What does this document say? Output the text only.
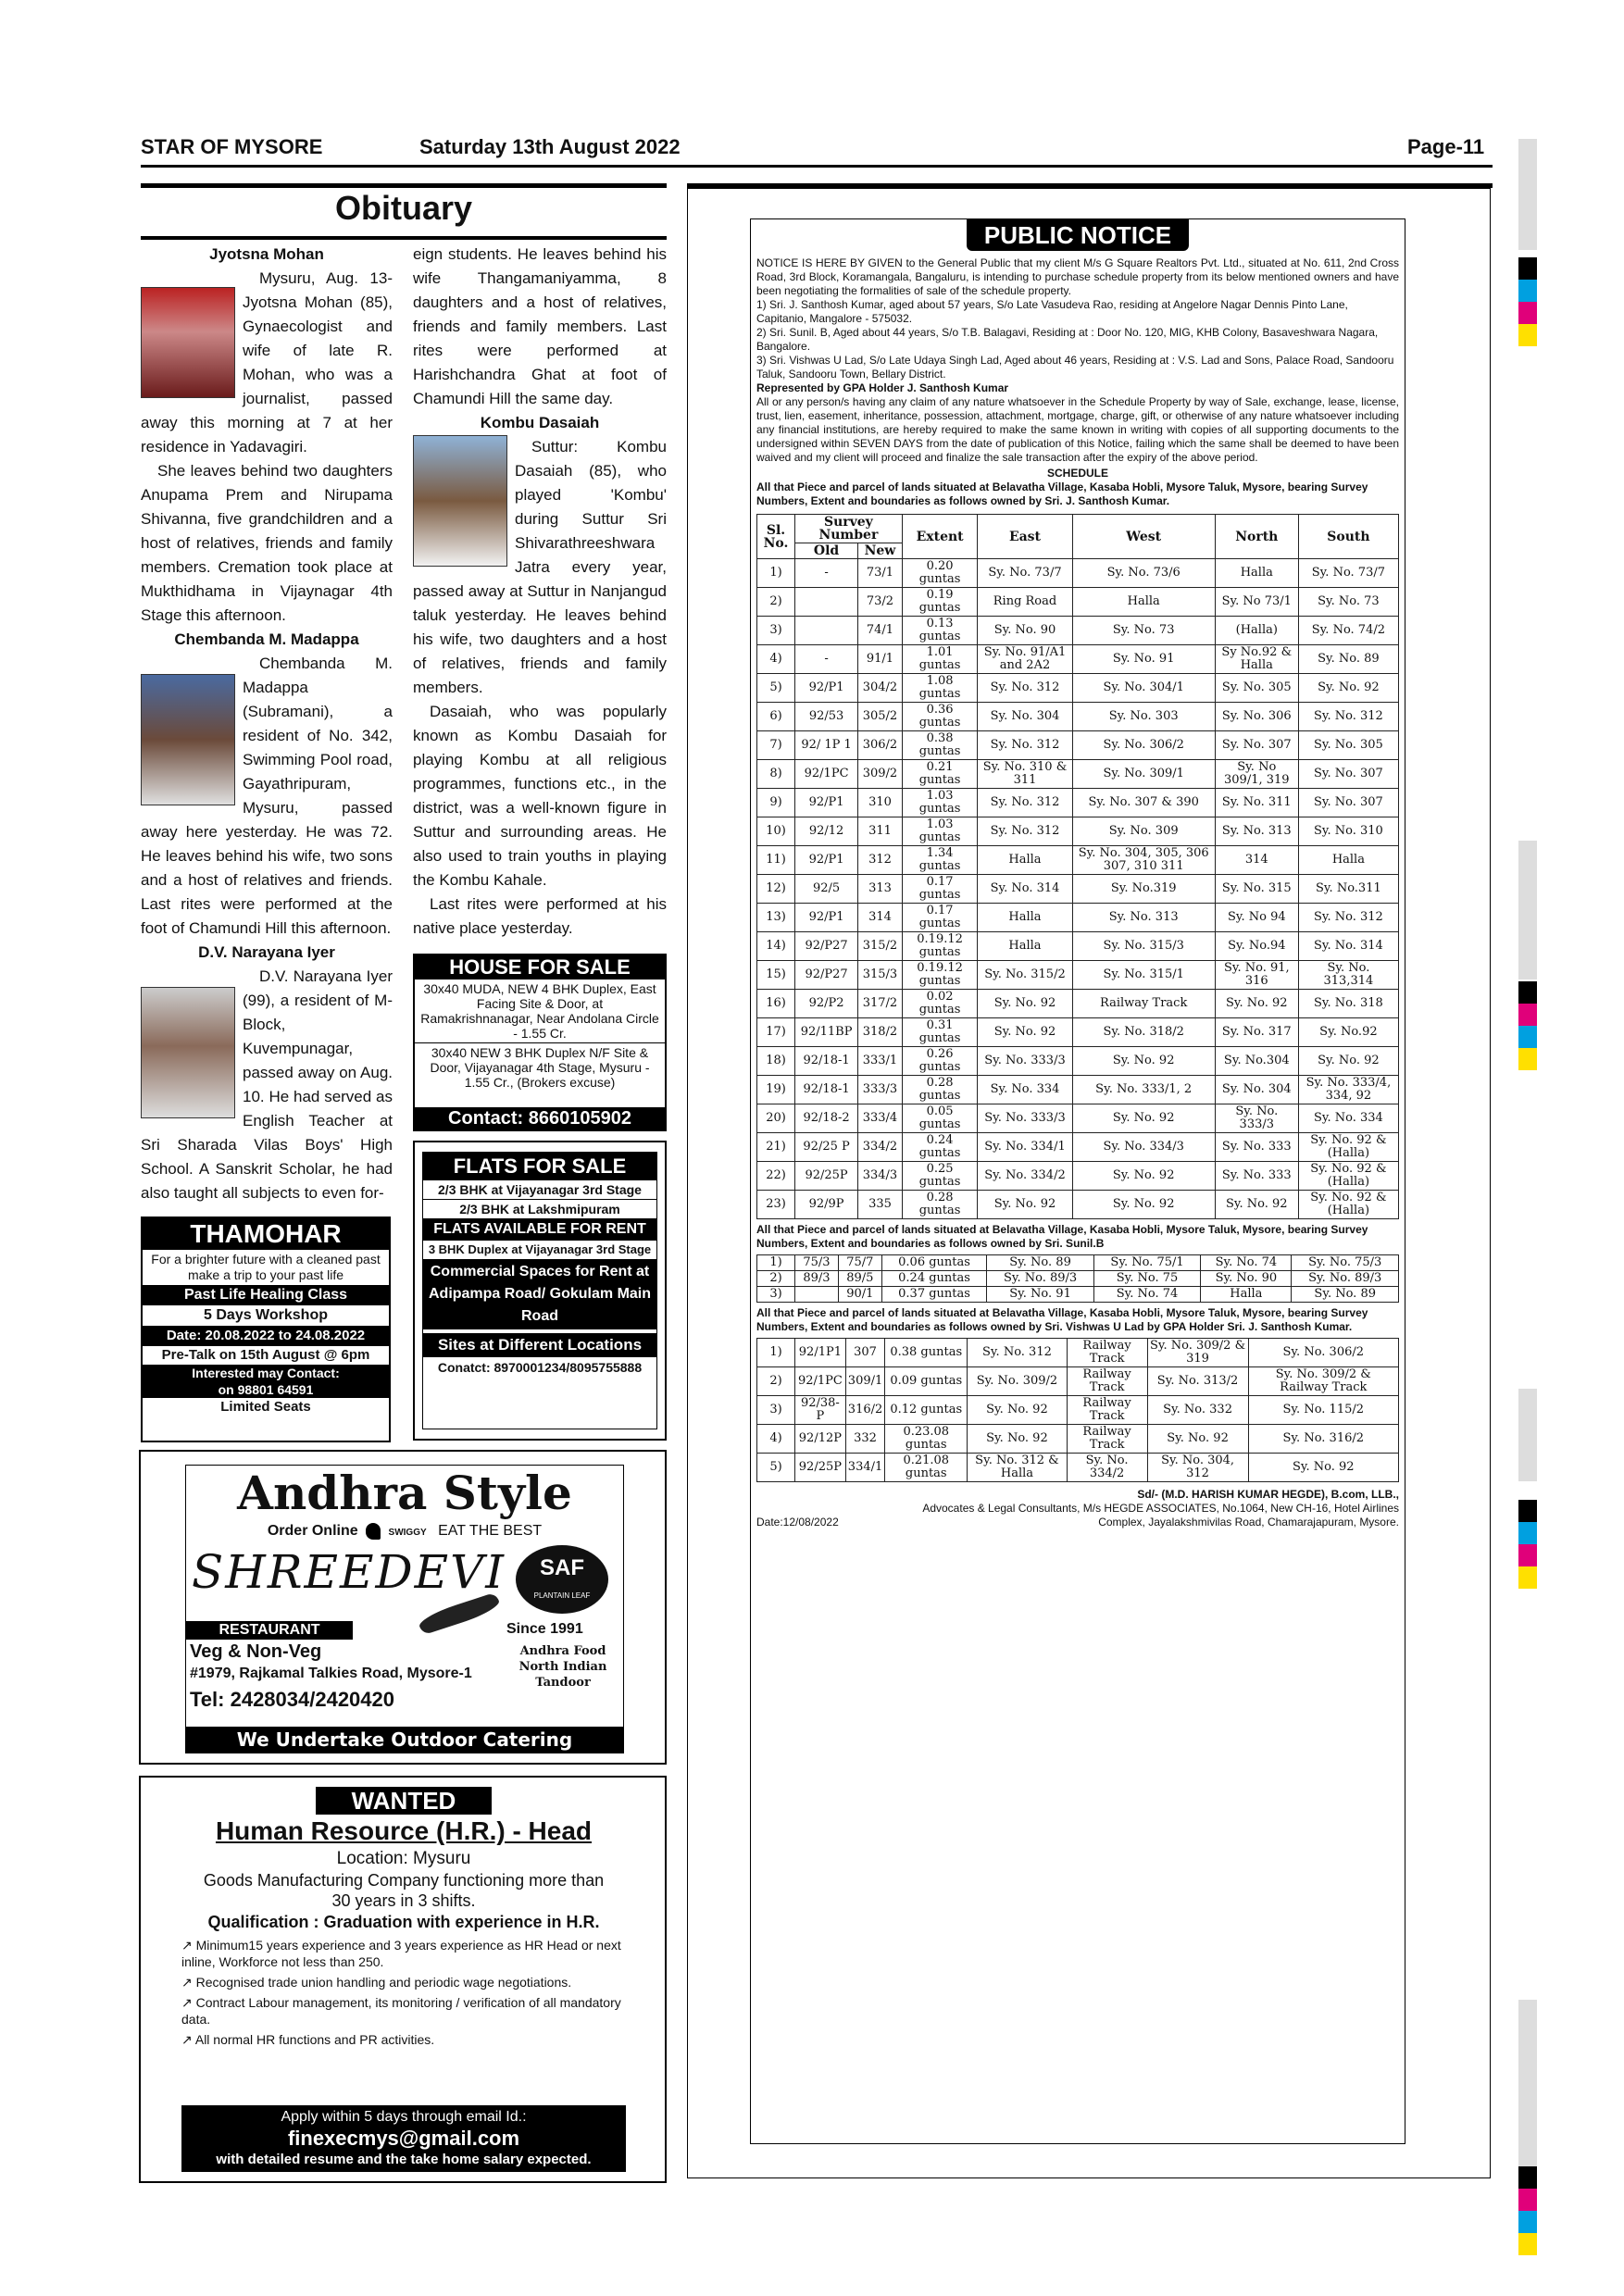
STAR OF MYSORE	Saturday 13th August 2022	Page-11
Obituary

Jyotsna Mohan

Mysuru, Aug. 13- Jyotsna Mohan (85), Gynaecologist and wife of late R. Mohan, who was a journalist, passed away this morning at 7 at her residence in Yadavagiri.

She leaves behind two daughters Anupama Prem and Nirupama Shivanna, five grandchildren and a host of relatives, friends and family members. Cremation took place at Mukthidhama in Vijaynagar 4th Stage this afternoon.

Chembanda M. Madappa

Chembanda M. Madappa (Subramani), a resident of No. 342, Swimming Pool road, Gayathripuram, Mysuru, passed away here yesterday. He was 72. He leaves behind his wife, two sons and a host of relatives and friends. Last rites were performed at the foot of Chamundi Hill this afternoon.

D.V. Narayana Iyer

D.V. Narayana Iyer (99), a resident of M-Block, Kuvempunagar, passed away on Aug. 10. He had served as English Teacher at Sri Sharada Vilas Boys' High School. A Sanskrit Scholar, he had also taught all subjects to even for-

eign students. He leaves behind his wife Thangamaniyamma, 8 daughters and a host of relatives, friends and family members. Last rites were performed at Harishchandra Ghat at foot of Chamundi Hill the same day.

Kombu Dasaiah

Suttur: Kombu Dasaiah (85), who played 'Kombu' during Suttur Sri Shivarathreeshwara Jatra every year, passed away at Suttur in Nanjangud taluk yesterday. He leaves behind his wife, two daughters and a host of relatives, friends and family members.

Dasaiah, who was popularly known as Kombu Dasaiah for playing Kombu at all religious programmes, functions etc., in the district, was a well-known figure in Suttur and surrounding areas. He also used to train youths in playing the Kombu Kahale.

Last rites were performed at his native place yesterday.

THAMOHAR
For a brighter future with a cleaned past make a trip to your past life
Past Life Healing Class
5 Days Workshop
Date: 20.08.2022 to 24.08.2022
Pre-Talk on 15th August @ 6pm
Interested may Contact:
on 98801 64591
Limited Seats
HOUSE FOR SALE
30x40 MUDA, NEW 4 BHK Duplex, East Facing Site & Door, at Ramakrishnanagar, Near Andolana Circle - 1.55 Cr.
30x40 NEW 3 BHK Duplex N/F Site & Door, Vijayanagar 4th Stage, Mysuru - 1.55 Cr., (Brokers excuse)
Contact: 8660105902
FLATS FOR SALE
2/3 BHK at Vijayanagar 3rd Stage
2/3 BHK at Lakshmipuram
FLATS AVAILABLE FOR RENT
3 BHK Duplex at Vijayanagar 3rd Stage
Commercial Spaces for Rent at Adipampa Road/ Gokulam Main Road
Sites at Different Locations
Conatct: 8970001234/8095755888
Andhra Style
Order Online	SWIGGY EAT THE BEST
SHREEDEVI	SAF
PLANTAIN LEAF
RESTAURANT	Since 1991
Veg & Non-Veg
#1979, Rajkamal Talkies Road, Mysore-1
Andhra Food North Indian Tandoor
Tel: 2428034/2420420
We Undertake Outdoor Catering
WANTED
Human Resource (H.R.) - Head
Location: Mysuru
Goods Manufacturing Company functioning more than 30 years in 3 shifts.
Qualification : Graduation with experience in H.R.
↗ Minimum15 years experience and 3 years experience as HR Head or next inline, Workforce not less than 250.
↗ Recognised trade union handling and periodic wage negotiations.
↗ Contract Labour management, its monitoring / verification of all mandatory data.
↗ All normal HR functions and PR activities.
Apply within 5 days through email Id.:
finexecmys@gmail.com
with detailed resume and the take home salary expected.
PUBLIC NOTICE
NOTICE IS HERE BY GIVEN to the General Public that my client M/s G Square Realtors Pvt. Ltd., situated at No. 611, 2nd Cross Road, 3rd Block, Koramangala, Bangaluru, is intending to purchase schedule property from its below mentioned owners and have been negotiating the formalities of sale of the schedule property.
1) Sri. J. Santhosh Kumar, aged about 57 years, S/o Late Vasudeva Rao, residing at Angelore Nagar Dennis Pinto Lane, Capitanio, Mangalore - 575032.
2) Sri. Sunil. B, Aged about 44 years, S/o T.B. Balagavi, Residing at : Door No. 120, MIG, KHB Colony, Basaveshwara Nagara, Bangalore.
3) Sri. Vishwas U Lad, S/o Late Udaya Singh Lad, Aged about 46 years, Residing at : V.S. Lad and Sons, Palace Road, Sandooru Taluk, Sandooru Town, Bellary District.
Represented by GPA Holder J. Santhosh Kumar
All or any person/s having any claim of any nature whatsoever in the Schedule Property by way of Sale, exchange, lease, license, trust, lien, easement, inheritance, possession, attachment, mortgage, charge, gift, or otherwise of any nature whatsoever including any financial institutions, are hereby required to make the same known in writing with copies of all supporting documents to the undersigned within SEVEN DAYS from the date of publication of this Notice, failing which the same shall be deemed to have been waived and my client will proceed and finalize the sale transaction after the expiry of the above period.
SCHEDULE
All that Piece and parcel of lands situated at Belavatha Village, Kasaba Hobli, Mysore Taluk, Mysore, bearing Survey Numbers, Extent and boundaries as follows owned by Sri. J. Santhosh Kumar.
Sl. No.	Survey Number		Extent	East	West	North	South
	Old	New					
1)	-	73/1	0.20 guntas	Sy. No. 73/7	Sy. No. 73/6	Halla	Sy. No. 73/7
2)		73/2	0.19 guntas	Ring Road	Halla	Sy. No 73/1	Sy. No. 73
3)		74/1	0.13 guntas	Sy. No. 90	Sy. No. 73	(Halla)	Sy. No. 74/2
4)	-	91/1	1.01 guntas	Sy. No. 91/A1 and 2A2	Sy. No. 91	Sy No.92 & Halla	Sy. No. 89
5)	92/P1	304/2	1.08 guntas	Sy. No. 312	Sy. No. 304/1	Sy. No. 305	Sy. No. 92
6)	92/53	305/2	0.36 guntas	Sy. No. 304	Sy. No. 303	Sy. No. 306	Sy. No. 312
7)	92/ 1P 1	306/2	0.38 guntas	Sy. No. 312	Sy. No. 306/2	Sy. No. 307	Sy. No. 305
8)	92/1PC	309/2	0.21 guntas	Sy. No. 310 & 311	Sy. No. 309/1	Sy. No 309/1, 319	Sy. No. 307
9)	92/P1	310	1.03 guntas	Sy. No. 312	Sy. No. 307 & 390	Sy. No. 311	Sy. No. 307
10)	92/12	311	1.03 guntas	Sy. No. 312	Sy. No. 309	Sy. No. 313	Sy. No. 310
11)	92/P1	312	1.34 guntas	Halla	Sy. No. 304, 305, 306 307, 310 311	314	Halla
12)	92/5	313	0.17 guntas	Sy. No. 314	Sy. No.319	Sy. No. 315	Sy. No.311
13)	92/P1	314	0.17 guntas	Halla	Sy. No. 313	Sy. No 94	Sy. No. 312
14)	92/P27	315/2	0.19.12 guntas	Halla	Sy. No. 315/3	Sy. No.94	Sy. No. 314
15)	92/P27	315/3	0.19.12 guntas	Sy. No. 315/2	Sy. No. 315/1	Sy. No. 91, 316	Sy. No. 313,314
16)	92/P2	317/2	0.02 guntas	Sy. No. 92	Railway Track	Sy. No. 92	Sy. No. 318
17)	92/11BP	318/2	0.31 guntas	Sy. No. 92	Sy. No. 318/2	Sy. No. 317	Sy. No.92
18)	92/18-1	333/1	0.26 guntas	Sy. No. 333/3	Sy. No. 92	Sy. No.304	Sy. No. 92
19)	92/18-1	333/3	0.28 guntas	Sy. No. 334	Sy. No. 333/1, 2	Sy. No. 304	Sy. No. 333/4, 334, 92
20)	92/18-2	333/4	0.05 guntas	Sy. No. 333/3	Sy. No. 92	Sy. No. 333/3	Sy. No. 334
21)	92/25 P	334/2	0.24 guntas	Sy. No. 334/1	Sy. No. 334/3	Sy. No. 333	Sy. No. 92 & (Halla)
22)	92/25P	334/3	0.25 guntas	Sy. No. 334/2	Sy. No. 92	Sy. No. 333	Sy. No. 92 & (Halla)
23)	92/9P	335	0.28 guntas	Sy. No. 92	Sy. No. 92	Sy. No. 92	Sy. No. 92 & (Halla)
All that Piece and parcel of lands situated at Belavatha Village, Kasaba Hobli, Mysore Taluk, Mysore, bearing Survey Numbers, Extent and boundaries as follows owned by Sri. Sunil.B
1)	75/3	75/7	0.06 guntas	Sy. No. 89	Sy. No. 75/1	Sy. No. 74	Sy. No. 75/3
2)	89/3	89/5	0.24 guntas	Sy. No. 89/3	Sy. No. 75	Sy. No. 90	Sy. No. 89/3
3)		90/1	0.37 guntas	Sy. No. 91	Sy. No. 74	Halla	Sy. No. 89
All that Piece and parcel of lands situated at Belavatha Village, Kasaba Hobli, Mysore Taluk, Mysore, bearing Survey Numbers, Extent and boundaries as follows owned by Sri. Vishwas U Lad by GPA Holder Sri. J. Santhosh Kumar.
1)	92/1P1	307	0.38 guntas	Sy. No. 312	Railway Track	Sy. No. 309/2 & 319	Sy. No. 306/2
2)	92/1PC	309/1	0.09 guntas	Sy. No. 309/2	Railway Track	Sy. No. 313/2	Sy. No. 309/2 & Railway Track
3)	92/38-P	316/2	0.12 guntas	Sy. No. 92	Railway Track	Sy. No. 332	Sy. No. 115/2
4)	92/12P	332	0.23.08 guntas	Sy. No. 92	Railway Track	Sy. No. 92	Sy. No. 316/2
5)	92/25P	334/1	0.21.08 guntas	Sy. No. 312 & Halla	Sy. No. 334/2	Sy. No. 304, 312	Sy. No. 92
Sd/- (M.D. HARISH KUMAR HEGDE), B.com, LLB.,
Advocates & Legal Consultants, M/s HEGDE ASSOCIATES, No.1064, New CH-16, Hotel Airlines
Date:12/08/2022	Complex, Jayalakshmivilas Road, Chamarajapuram, Mysore.
